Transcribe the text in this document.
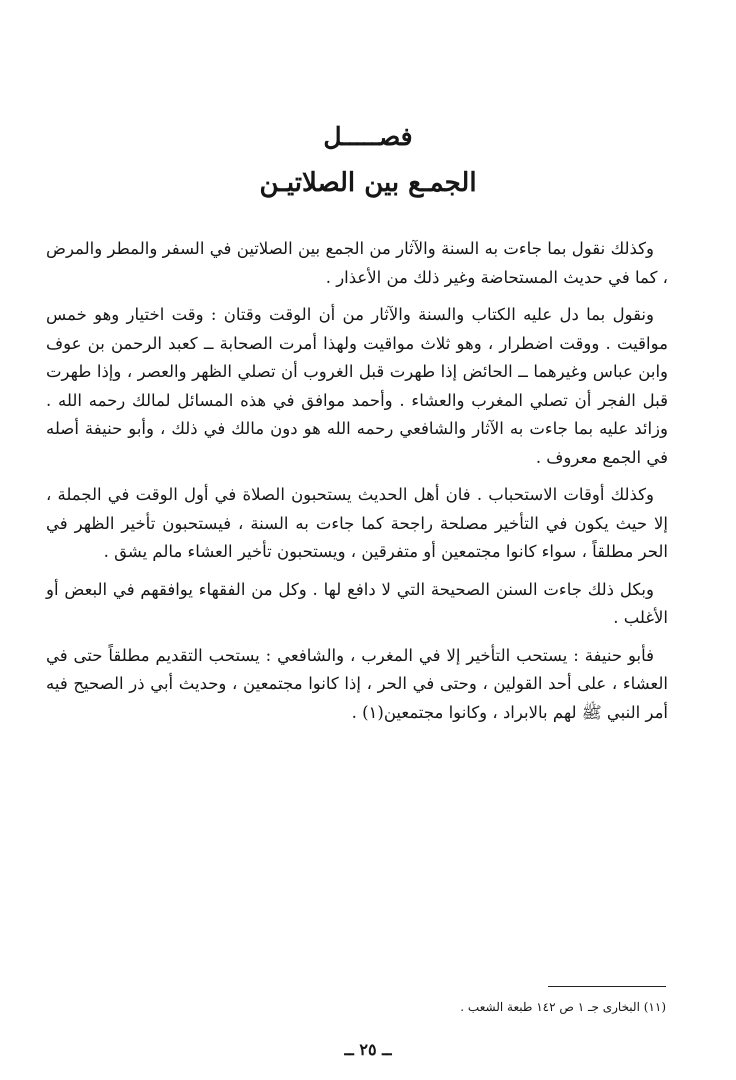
فصـــــل
الجمـع بين الصلاتيـن

وكذلك نقول بما جاءت به السنة والآثار من الجمع بين الصلاتين في السفر والمطر والمرض ، كما في حديث المستحاضة وغير ذلك من الأعذار .

ونقول بما دل عليه الكتاب والسنة والآثار من أن الوقت وقتان : وقت اختيار وهو خمس مواقيت . ووقت اضطرار ، وهو ثلاث مواقيت ولهذا أمرت الصحابة ــ كعبد الرحمن بن عوف وابن عباس وغيرهما ــ الحائض إذا طهرت قبل الغروب أن تصلي الظهر والعصر ، وإذا طهرت قبل الفجر أن تصلي المغرب والعشاء . وأحمد موافق في هذه المسائل لمالك رحمه الله . وزائد عليه بما جاءت به الآثار والشافعي رحمه الله هو دون مالك في ذلك ، وأبو حنيفة أصله في الجمع معروف .

وكذلك أوقات الاستحباب . فان أهل الحديث يستحبون الصلاة في أول الوقت في الجملة ، إلا حيث يكون في التأخير مصلحة راجحة كما جاءت به السنة ، فيستحبون تأخير الظهر في الحر مطلقاً ، سواء كانوا مجتمعين أو متفرقين ، ويستحبون تأخير العشاء مالم يشق .

وبكل ذلك جاءت السنن الصحيحة التي لا دافع لها . وكل من الفقهاء يوافقهم في البعض أو الأغلب .

فأبو حنيفة : يستحب التأخير إلا في المغرب ، والشافعي : يستحب التقديم مطلقاً حتى في العشاء ، على أحد القولين ، وحتى في الحر ، إذا كانوا مجتمعين ، وحديث أبي ذر الصحيح فيه أمر النبي ﷺ لهم بالابراد ، وكانوا مجتمعين(١) .

(١١) البخارى جـ ١ ص ١٤٢ طبعة الشعب .
ــ ٢٥ ــ
